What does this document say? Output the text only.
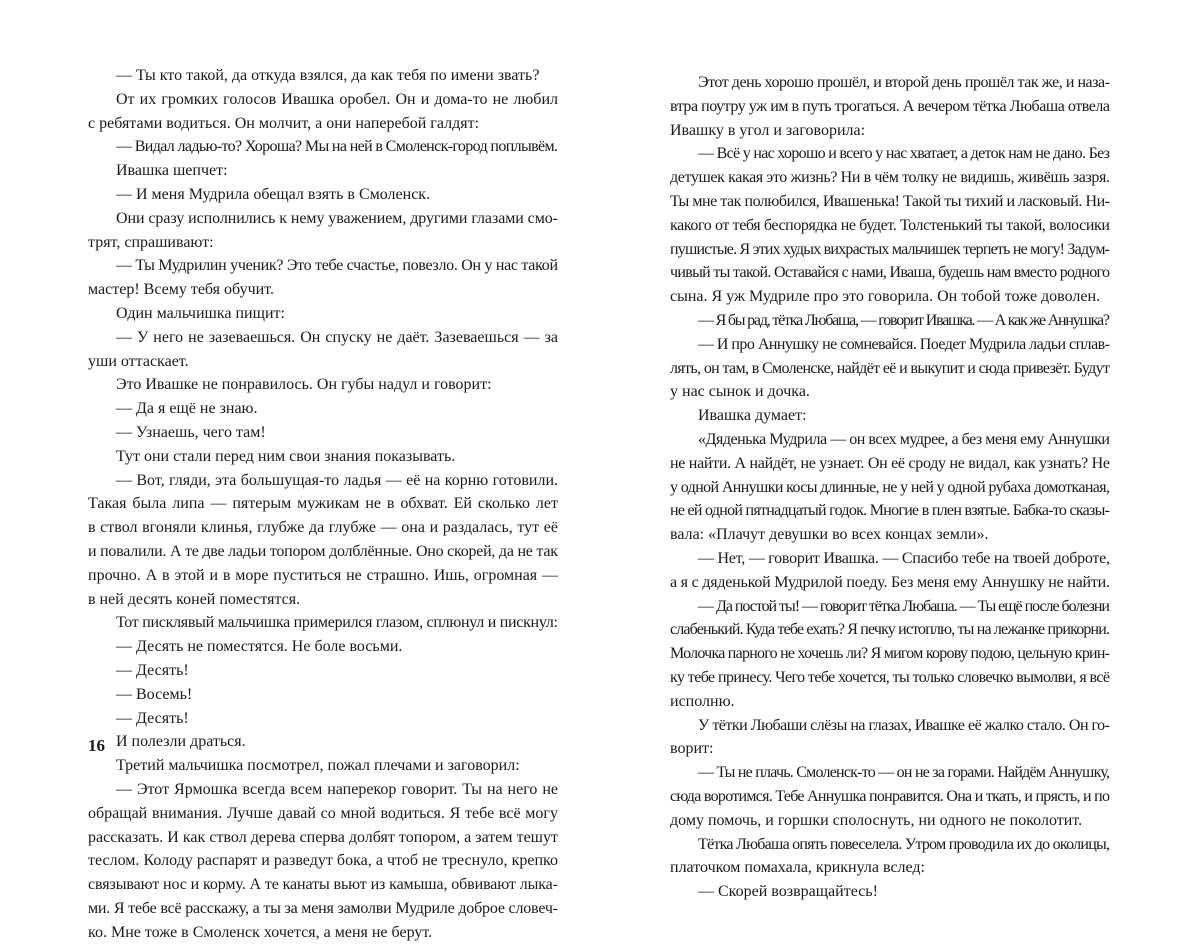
— Ты кто такой, да откуда взялся, да как тебя по имени звать?
От их громких голосов Ивашка оробел. Он и дома-то не любил
с ребятами водиться. Он молчит, а они наперебой галдят:
— Видал ладью-то? Хороша? Мы на ней в Смоленск-город поплывём.
Ивашка шепчет:
— И меня Мудрила обещал взять в Смоленск.
Они сразу исполнились к нему уважением, другими глазами смо-
трят, спрашивают:
— Ты Мудрилин ученик? Это тебе счастье, повезло. Он у нас такой
мастер! Всему тебя обучит.
Один мальчишка пищит:
— У него не зазеваешься. Он спуску не даёт. Зазеваешься — за
уши оттаскает.
Это Ивашке не понравилось. Он губы надул и говорит:
— Да я ещё не знаю.
— Узнаешь, чего там!
Тут они стали перед ним свои знания показывать.
— Вот, гляди, эта большущая-то ладья — её на корню готовили.
Такая была липа — пятерым мужикам не в обхват. Ей сколько лет
в ствол вгоняли клинья, глубже да глубже — она и раздалась, тут её
и повалили. А те две ладьи топором долблённые. Оно скорей, да не так
прочно. А в этой и в море пуститься не страшно. Ишь, огромная —
в ней десять коней поместятся.
Тот писклявый мальчишка примерился глазом, сплюнул и пискнул:
— Десять не поместятся. Не боле восьми.
— Десять!
— Восемь!
— Десять!
И полезли драться.
Третий мальчишка посмотрел, пожал плечами и заговорил:
— Этот Ярмошка всегда всем наперекор говорит. Ты на него не
обращай внимания. Лучше давай со мной водиться. Я тебе всё могу
рассказать. И как ствол дерева сперва долбят топором, а затем тешут
теслом. Колоду распарят и разведут бока, а чтоб не треснуло, крепко
связывают нос и корму. А те канаты вьют из камыша, обвивают лыка-
ми. Я тебе всё расскажу, а ты за меня замолви Мудриле доброе словеч-
ко. Мне тоже в Смоленск хочется, а меня не берут.
Этот день хорошо прошёл, и второй день прошёл так же, и наза-
втра поутру уж им в путь трогаться. А вечером тётка Любаша отвела
Ивашку в угол и заговорила:
— Всё у нас хорошо и всего у нас хватает, а деток нам не дано. Без
детушек какая это жизнь? Ни в чём толку не видишь, живёшь зазря.
Ты мне так полюбился, Ивашенька! Такой ты тихий и ласковый. Ни-
какого от тебя беспорядка не будет. Толстенький ты такой, волосики
пушистые. Я этих худых вихрастых мальчишек терпеть не могу! Задум-
чивый ты такой. Оставайся с нами, Иваша, будешь нам вместо родного
сына. Я уж Мудриле про это говорила. Он тобой тоже доволен.
— Я бы рад, тётка Любаша, — говорит Ивашка. — А как же Аннушка?
— И про Аннушку не сомневайся. Поедет Мудрила ладьи сплав-
лять, он там, в Смоленске, найдёт её и выкупит и сюда привезёт. Будут
у нас сынок и дочка.
Ивашка думает:
«Дяденька Мудрила — он всех мудрее, а без меня ему Аннушки
не найти. А найдёт, не узнает. Он её сроду не видал, как узнать? Не
у одной Аннушки косы длинные, не у ней у одной рубаха домотканая,
не ей одной пятнадцатый годок. Многие в плен взятые. Бабка-то сказы-
вала: «Плачут девушки во всех концах земли».
— Нет, — говорит Ивашка. — Спасибо тебе на твоей доброте,
а я с дяденькой Мудрилой поеду. Без меня ему Аннушку не найти.
— Да постой ты! — говорит тётка Любаша. — Ты ещё после болезни
слабенький. Куда тебе ехать? Я печку истоплю, ты на лежанке прикорни.
Молочка парного не хочешь ли? Я мигом корову подою, цельную крин-
ку тебе принесу. Чего тебе хочется, ты только словечко вымолви, я всё
исполню.
У тётки Любаши слёзы на глазах, Ивашке её жалко стало. Он го-
ворит:
— Ты не плачь. Смоленск-то — он не за горами. Найдём Аннушку,
сюда воротимся. Тебе Аннушка понравится. Она и ткать, и прясть, и по
дому помочь, и горшки сполоснуть, ни одного не поколотит.
Тётка Любаша опять повеселела. Утром проводила их до околицы,
платочком помахала, крикнула вслед:
— Скорей возвращайтесь!
16
